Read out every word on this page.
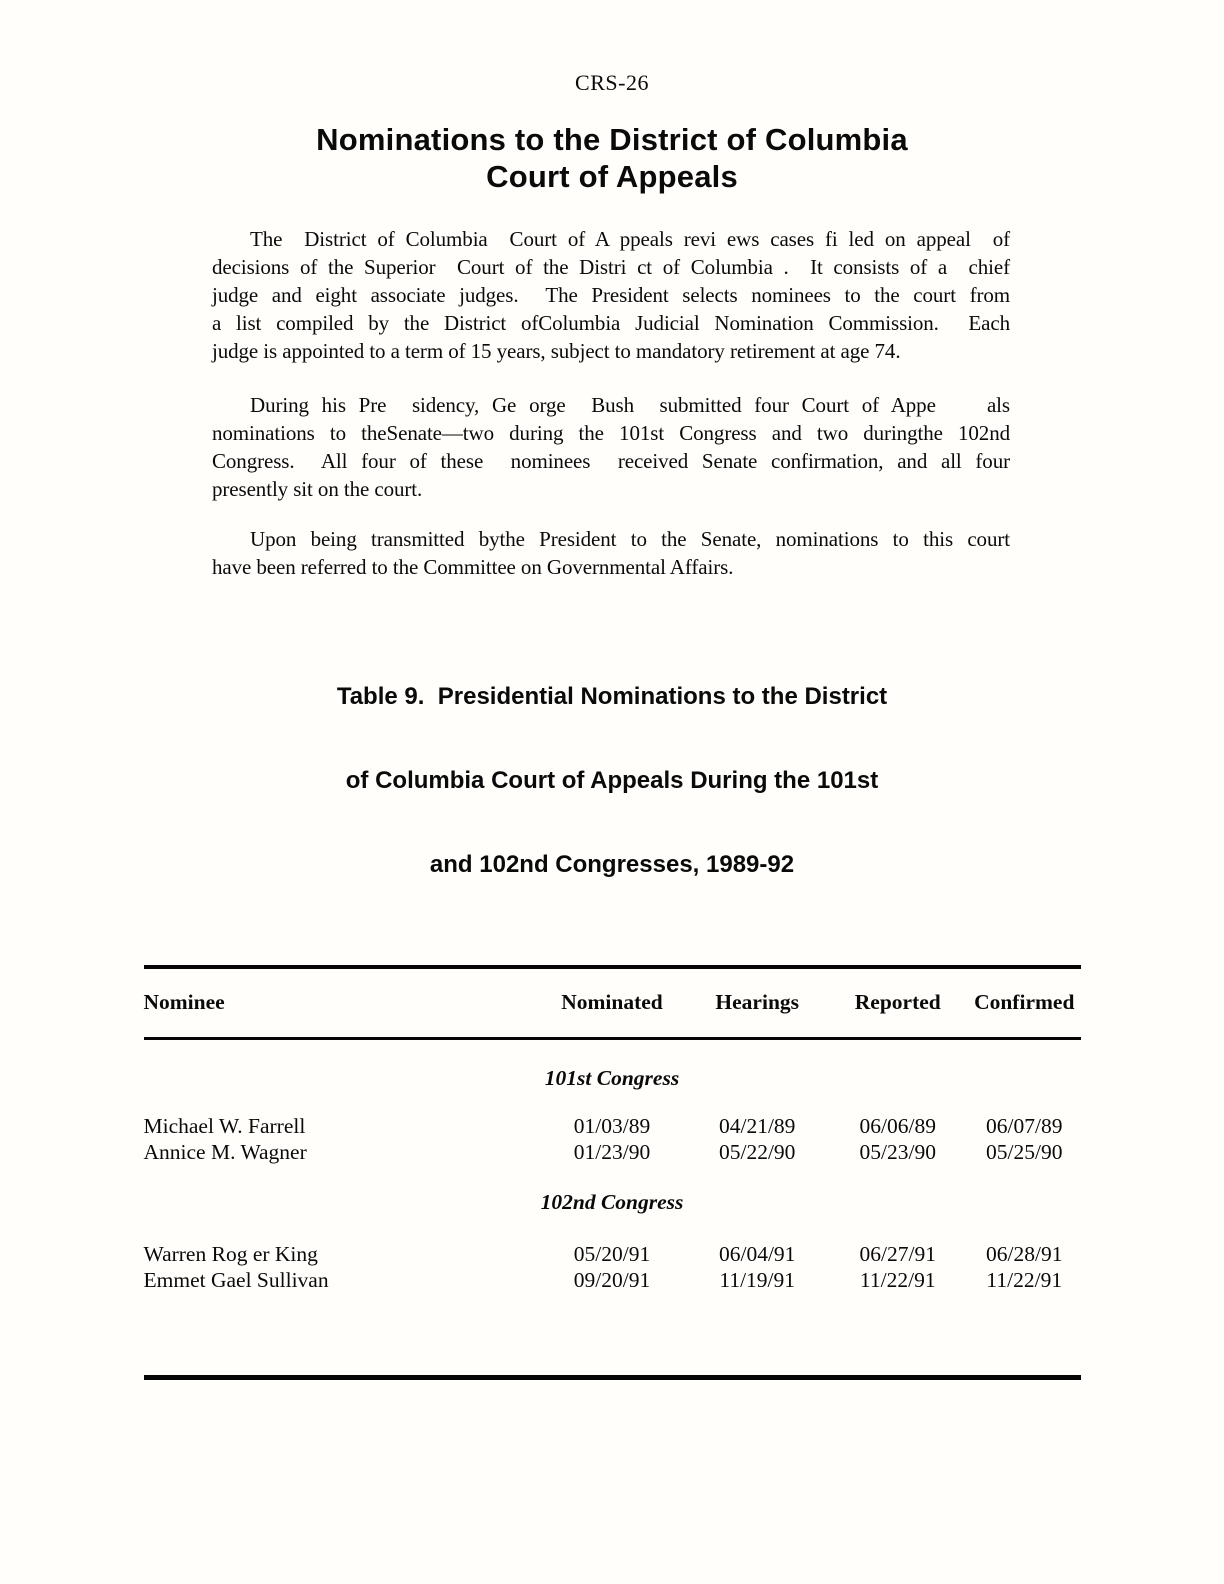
CRS-26
Nominations to the District of Columbia
Court of Appeals
The  District of Columbia  Court of A ppeals revi ews cases fi led on appeal  of
decisions of the Superior  Court of the Distri ct of Columbia .  It consists of a  chief
judge and eight associate judges.  The President selects nominees to the court from
a list compiled by the District ofColumbia Judicial Nomination Commission.  Each
judge is appointed to a term of 15 years, subject to mandatory retirement at age 74.
During his Pre  sidency, Ge orge  Bush  submitted four Court of Appe    als
nominations to theSenate—two during the 101st Congress and two duringthe 102nd
Congress.  All four of these  nominees  received Senate confirmation, and all four
presently sit on the court.
Upon being transmitted bythe President to the Senate, nominations to this court
have been referred to the Committee on Governmental Affairs.

Table 9.  Presidential Nominations to the District

of Columbia Court of Appeals During the 101st

and 102nd Congresses, 1989-92

Nominee	Nominated	Hearings	Reported	Confirmed
101st Congress
Michael W. Farrell	01/03/89	04/21/89	06/06/89	06/07/89
Annice M. Wagner	01/23/90	05/22/90	05/23/90	05/25/90
102nd Congress
Warren Rog er King	05/20/91	06/04/91	06/27/91	06/28/91
Emmet Gael Sullivan	09/20/91	11/19/91	11/22/91	11/22/91
